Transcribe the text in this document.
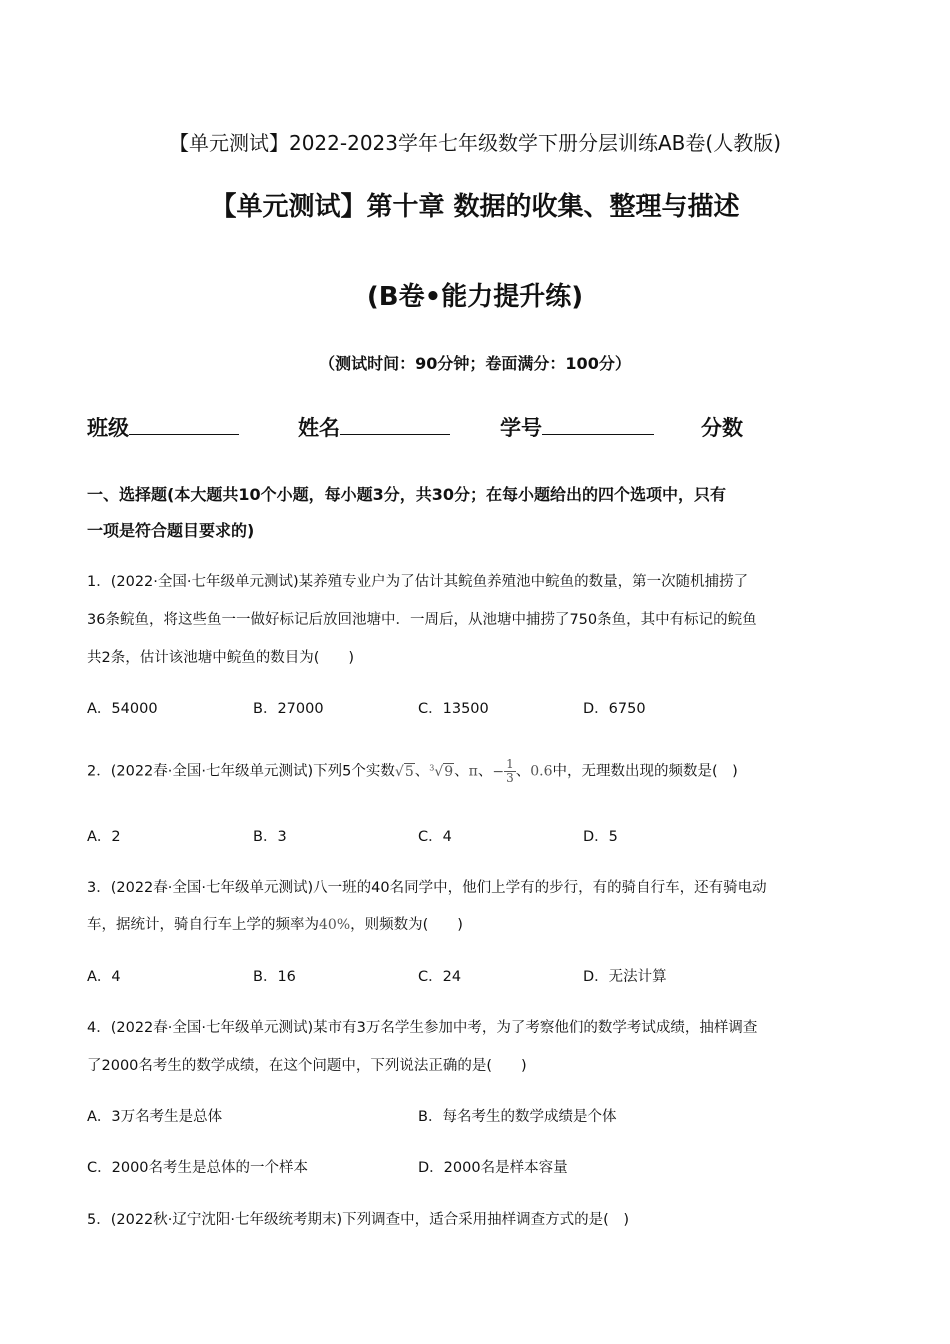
【单元测试】2022-2023学年七年级数学下册分层训练AB卷(人教版)
【单元测试】第十章 数据的收集、整理与描述
(B卷•能力提升练)
（测试时间：90分钟；卷面满分：100分）
班级	姓名	学号	分数
一、选择题(本大题共10个小题，每小题3分，共30分；在每小题给出的四个选项中，只有
一项是符合题目要求的)
1．(2022·全国·七年级单元测试)某养殖专业户为了估计其鲩鱼养殖池中鲩鱼的数量，第一次随机捕捞了
36条鲩鱼，将这些鱼一一做好标记后放回池塘中．一周后，从池塘中捕捞了750条鱼，其中有标记的鲩鱼
共2条，估计该池塘中鲩鱼的数目为(　　)
A．54000	B．27000	C．13500	D．6750
2．(2022春·全国·七年级单元测试)下列5个实数√5、$^3$√9、π、− $\frac{1}{3}$ 、0.6中，无理数出现的频数是(　)
A．2	B．3	C．4	D．5
3．(2022春·全国·七年级单元测试)八一班的40名同学中，他们上学有的步行，有的骑自行车，还有骑电动
车，据统计，骑自行车上学的频率为40%，则频数为(　　)
A．4	B．16	C．24	D．无法计算
4．(2022春·全国·七年级单元测试)某市有3万名学生参加中考，为了考察他们的数学考试成绩，抽样调查
了2000名考生的数学成绩，在这个问题中，下列说法正确的是(　　)
A．3万名考生是总体	B．每名考生的数学成绩是个体
C．2000名考生是总体的一个样本	D．2000名是样本容量
5．(2022秋·辽宁沈阳·七年级统考期末)下列调查中，适合采用抽样调查方式的是(　)
